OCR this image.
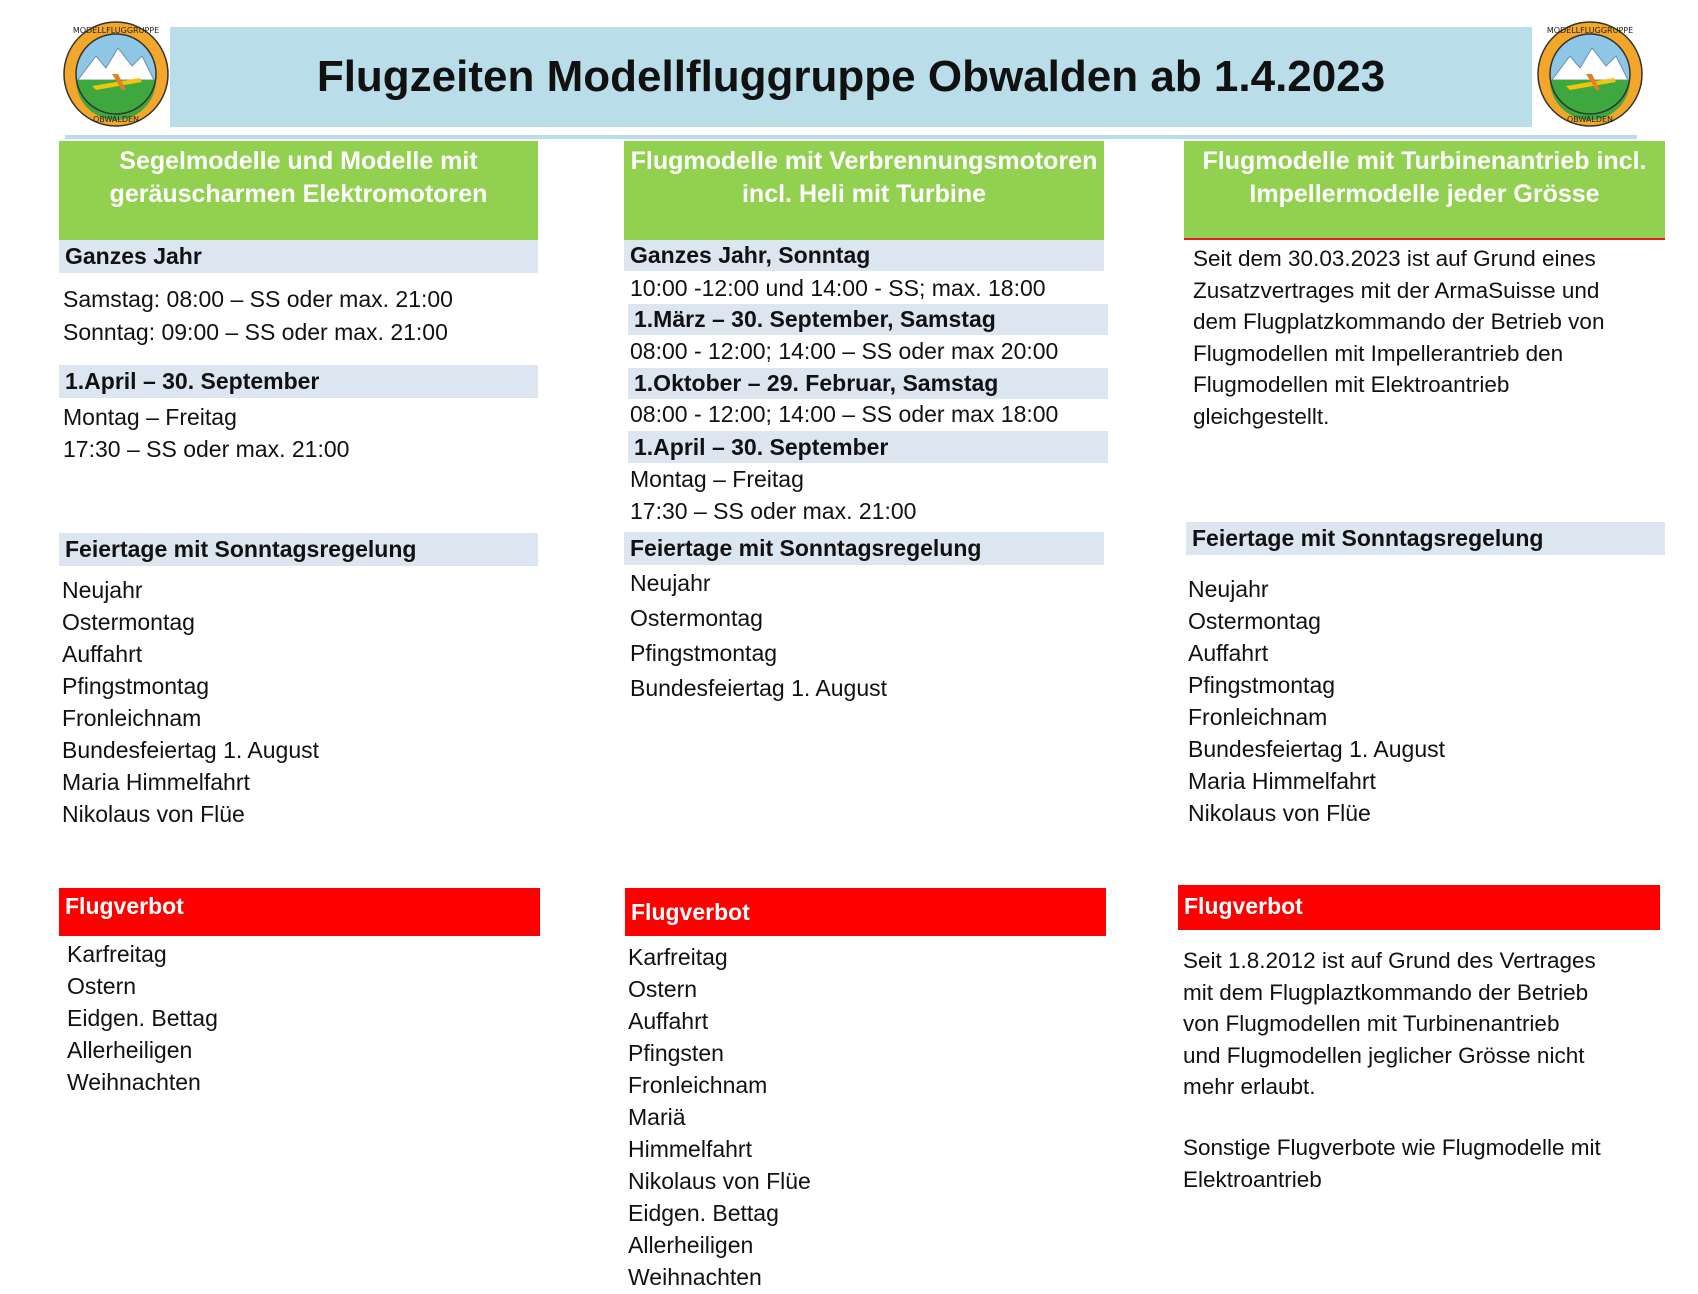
Flugzeiten Modellfluggruppe Obwalden ab 1.4.2023
MODELLFLUGGRUPPE
OBWALDEN
MODELLFLUGGRUPPE
OBWALDEN
Segelmodelle und Modelle mit geräuscharmen Elektromotoren
Ganzes Jahr
Samstag: 08:00 – SS oder max. 21:00
Sonntag: 09:00 – SS oder max. 21:00
1.April – 30. September
Montag – Freitag
17:30 – SS oder max. 21:00
Feiertage mit Sonntagsregelung
Neujahr
Ostermontag
Auffahrt
Pfingstmontag
Fronleichnam
Bundesfeiertag 1. August
Maria Himmelfahrt
Nikolaus von Flüe
Flugverbot
Karfreitag
Ostern
Eidgen. Bettag
Allerheiligen
Weihnachten
Flugmodelle mit Verbrennungsmotoren incl. Heli mit Turbine
Ganzes Jahr, Sonntag
10:00 -12:00 und 14:00 - SS; max. 18:00
1.März – 30. September, Samstag
08:00 - 12:00; 14:00 – SS oder max 20:00
1.Oktober – 29. Februar, Samstag
08:00 - 12:00; 14:00 – SS oder max 18:00
1.April – 30. September
Montag – Freitag
17:30 – SS oder max. 21:00
Feiertage mit Sonntagsregelung
Neujahr
Ostermontag
Pfingstmontag
Bundesfeiertag 1. August
Flugverbot
Karfreitag
Ostern
Auffahrt
Pfingsten
Fronleichnam
Mariä
Himmelfahrt
Nikolaus von Flüe
Eidgen. Bettag
Allerheiligen
Weihnachten
Flugmodelle mit Turbinenantrieb incl. Impellermodelle jeder Grösse
Seit dem 30.03.2023 ist auf Grund eines
Zusatzvertrages mit der ArmaSuisse und
dem Flugplatzkommando der Betrieb von
Flugmodellen mit Impellerantrieb den
Flugmodellen mit Elektroantrieb
gleichgestellt.
Feiertage mit Sonntagsregelung
Neujahr
Ostermontag
Auffahrt
Pfingstmontag
Fronleichnam
Bundesfeiertag 1. August
Maria Himmelfahrt
Nikolaus von Flüe
Flugverbot
Seit 1.8.2012 ist auf Grund des Vertrages
mit dem Flugplaztkommando der Betrieb
von Flugmodellen mit Turbinenantrieb
und Flugmodellen jeglicher Grösse nicht
mehr erlaubt.
Sonstige Flugverbote wie Flugmodelle mit
Elektroantrieb
